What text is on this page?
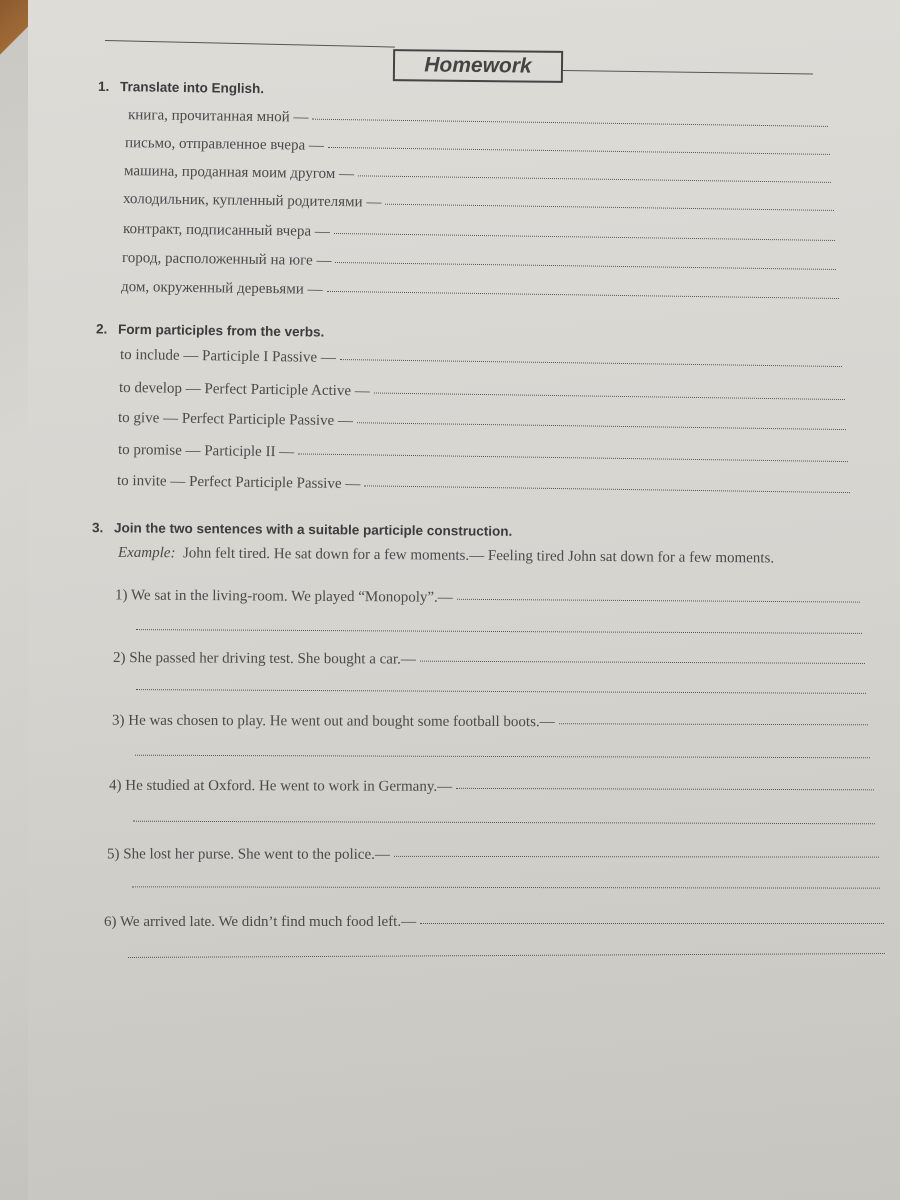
Homework
1. Translate into English.
книга, прочитанная мной —
письмо, отправленное вчера —
машина, проданная моим другом —
холодильник, купленный родителями —
контракт, подписанный вчера —
город, расположенный на юге —
дом, окруженный деревьями —
2. Form participles from the verbs.
to include — Participle I Passive —
to develop — Perfect Participle Active —
to give — Perfect Participle Passive —
to promise — Participle II —
to invite — Perfect Participle Passive —
3. Join the two sentences with a suitable participle construction.
Example: John felt tired. He sat down for a few moments.— Feeling tired John sat down for a few moments.
1) We sat in the living-room. We played “Monopoly”.—
2) She passed her driving test. She bought a car.—
3) He was chosen to play. He went out and bought some football boots.—
4) He studied at Oxford. He went to work in Germany.—
5) She lost her purse. She went to the police.—
6) We arrived late. We didn’t find much food left.—
